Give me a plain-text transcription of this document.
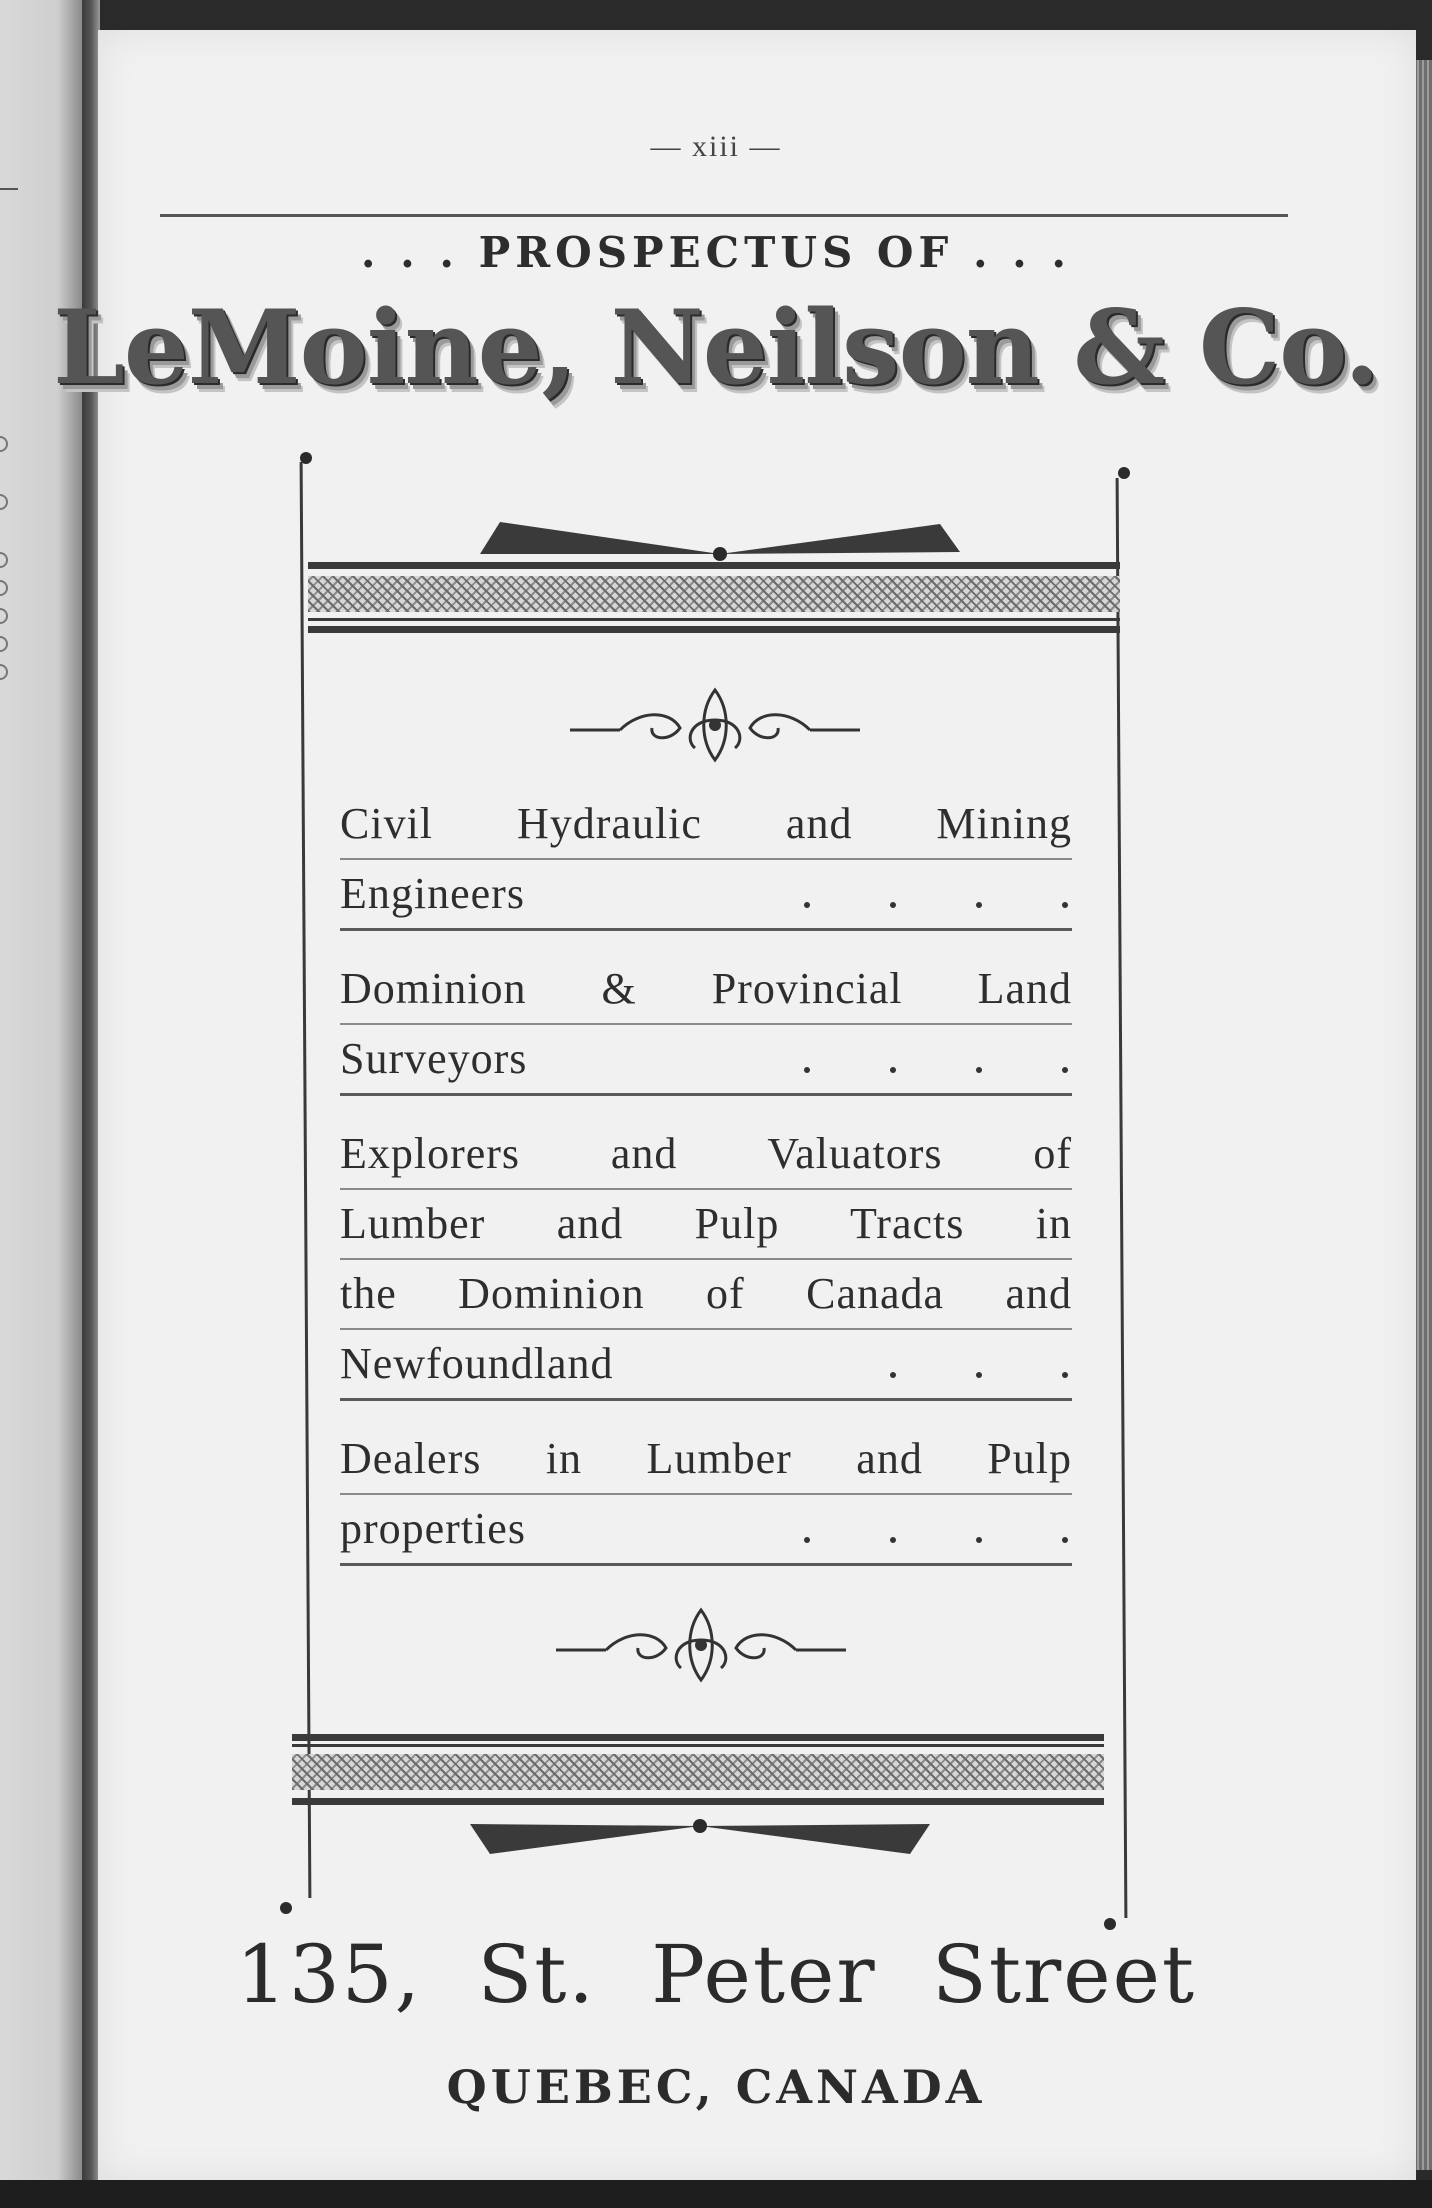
— xiii —
. . . PROSPECTUS OF . . .
LeMoine, Neilson & Co.
Civil Hydraulic and Mining
Engineers
Dominion & Provincial Land
Surveyors
Explorers and Valuators of
Lumber and Pulp Tracts in
the Dominion of Canada and
Newfoundland
Dealers in Lumber and Pulp
properties
135, St. Peter Street
QUEBEC, CANADA
